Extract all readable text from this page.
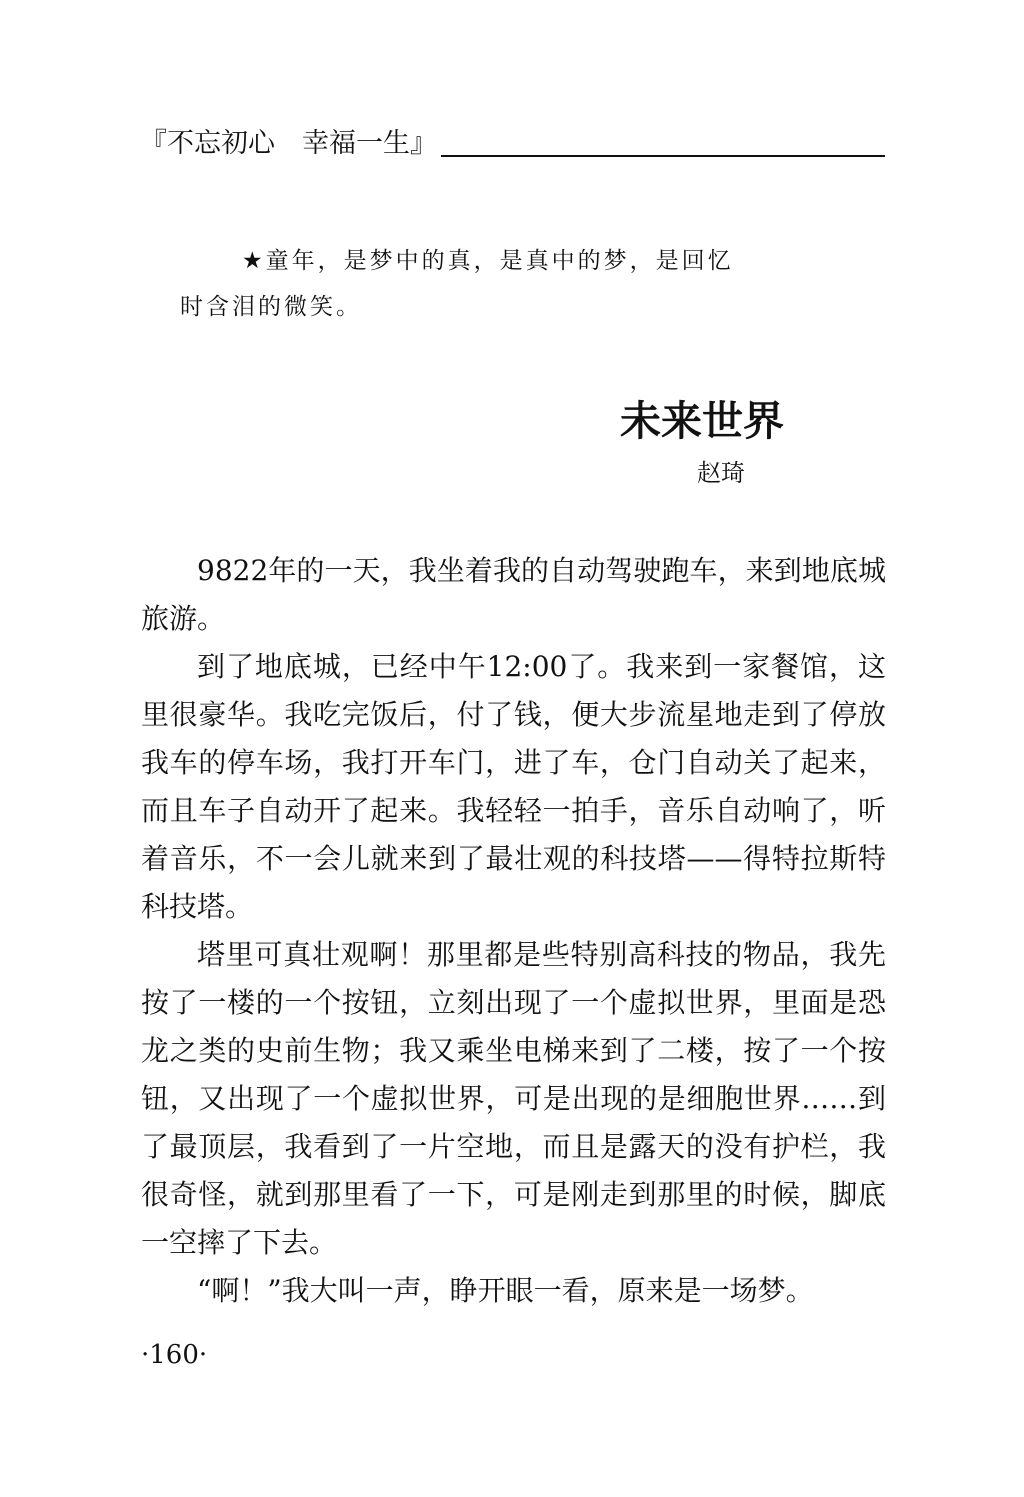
『不忘初心　幸福一生』
★童年，是梦中的真，是真中的梦，是回忆
时含泪的微笑。
未来世界
赵琦

9822年的一天，我坐着我的自动驾驶跑车，来到地底城旅游。

到了地底城，已经中午12:00了。我来到一家餐馆，这里很豪华。我吃完饭后，付了钱，便大步流星地走到了停放我车的停车场，我打开车门，进了车，仓门自动关了起来，而且车子自动开了起来。我轻轻一拍手，音乐自动响了，听着音乐，不一会儿就来到了最壮观的科技塔——得特拉斯特科技塔。

塔里可真壮观啊！那里都是些特别高科技的物品，我先按了一楼的一个按钮，立刻出现了一个虚拟世界，里面是恐龙之类的史前生物；我又乘坐电梯来到了二楼，按了一个按钮，又出现了一个虚拟世界，可是出现的是细胞世界……到了最顶层，我看到了一片空地，而且是露天的没有护栏，我很奇怪，就到那里看了一下，可是刚走到那里的时候，脚底一空摔了下去。

“啊！”我大叫一声，睁开眼一看，原来是一场梦。

·160·
